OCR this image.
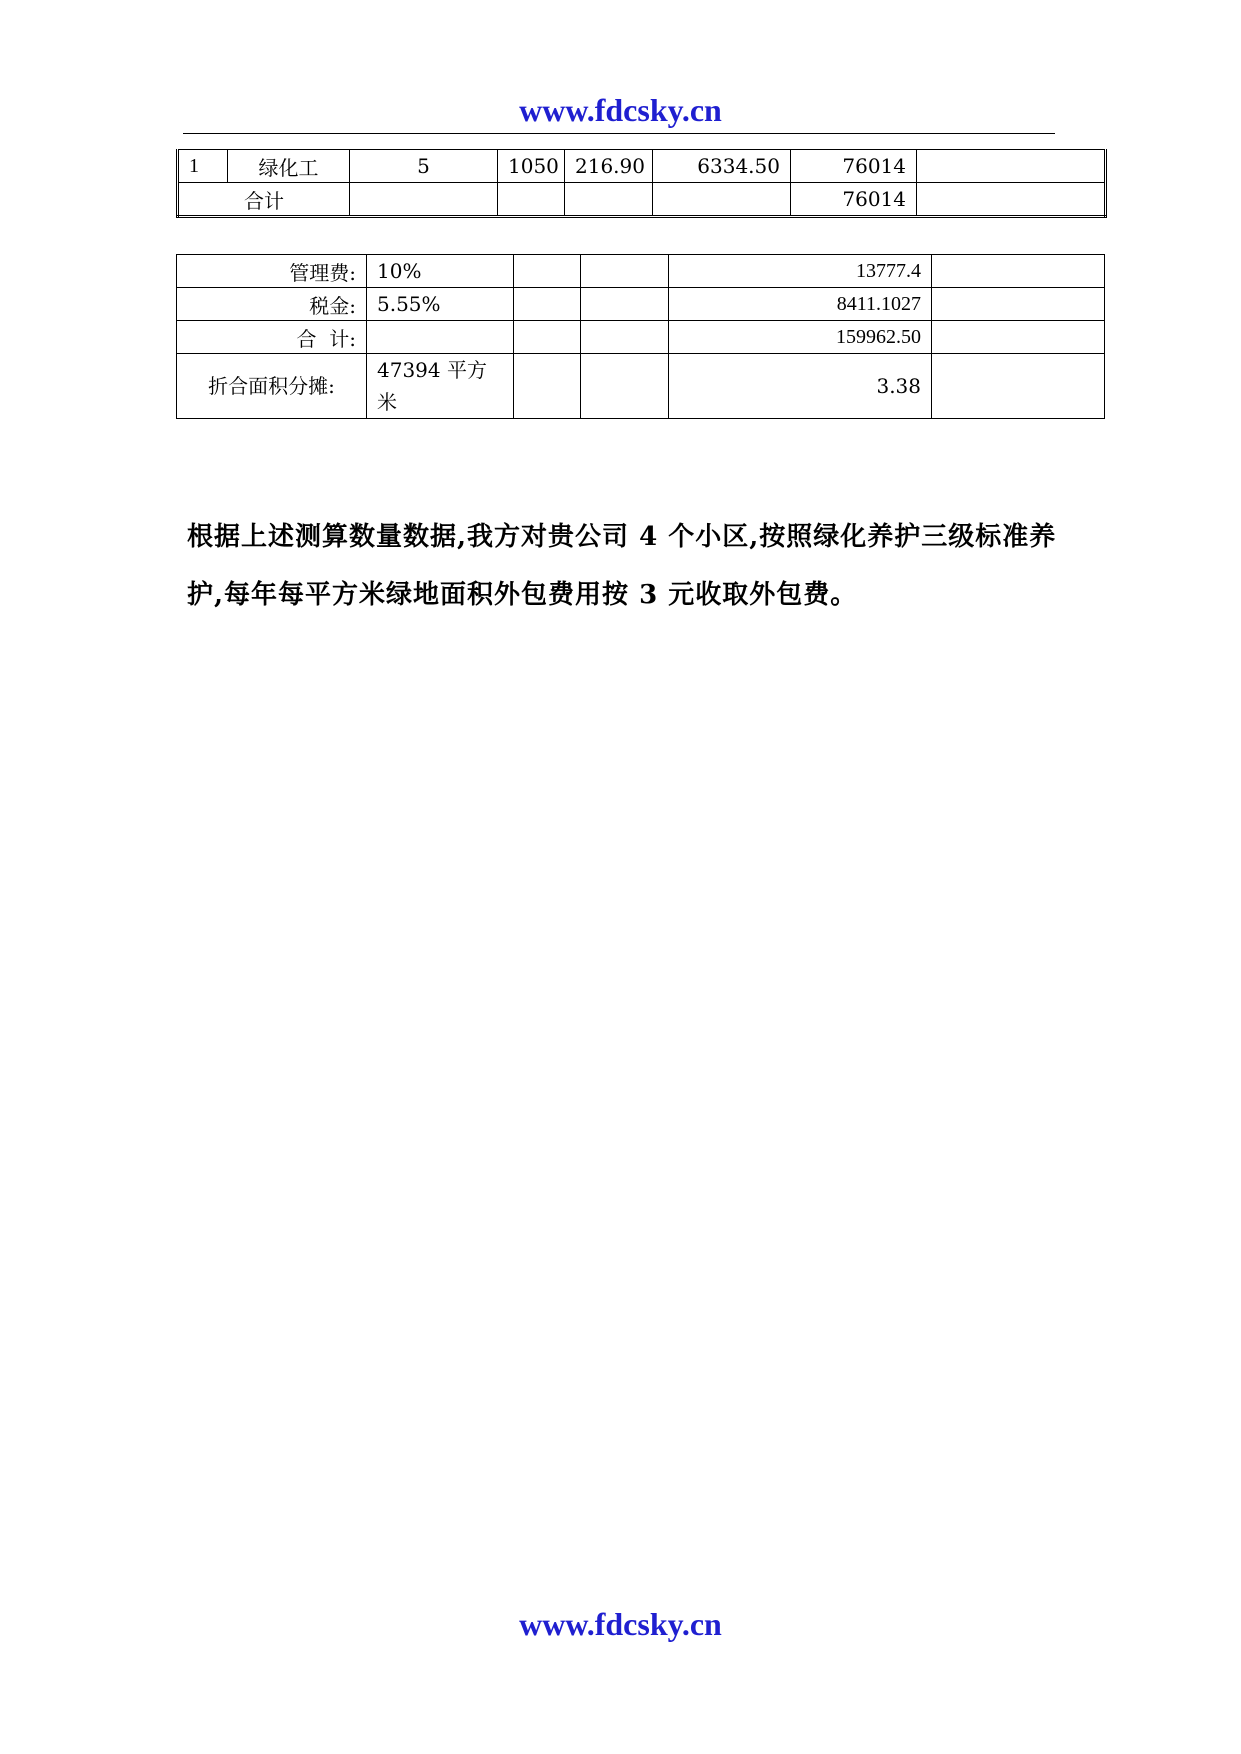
www.fdcsky.cn
1	绿化工	5	1050	216.90	6334.50	76014	
合计						76014	
管理费:	10%			13777.4	
税金:	5.55%			8411.1027	
合  计:				159962.50	
折合面积分摊:	47394 平方米			3.38	
根据上述测算数量数据,我方对贵公司 4 个小区,按照绿化养护三级标准养护,每年每平方米绿地面积外包费用按 3 元收取外包费。
www.fdcsky.cn
